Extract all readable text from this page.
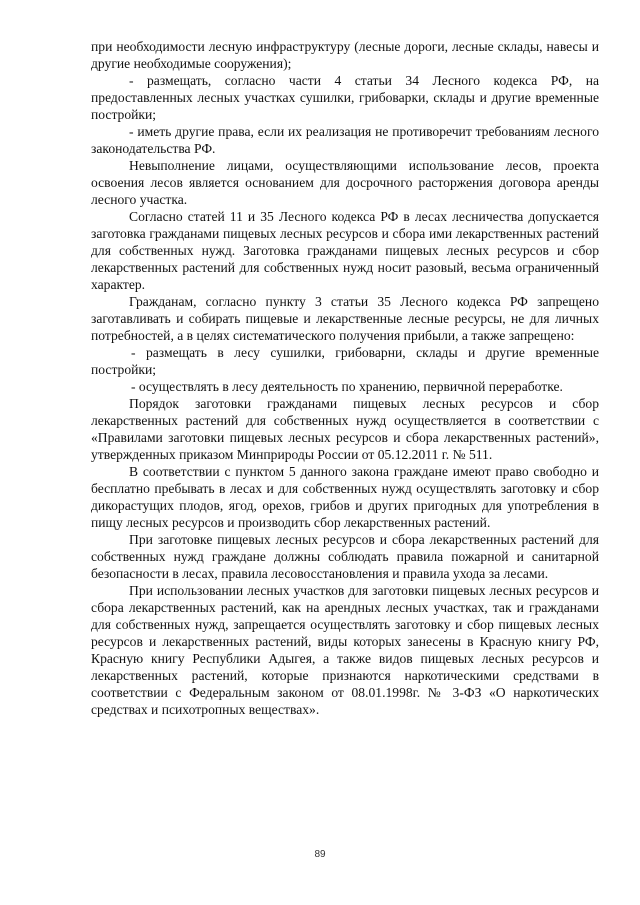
при необходимости лесную инфраструктуру (лесные дороги, лесные склады, навесы и другие необходимые сооружения);

- размещать, согласно части 4 статьи 34 Лесного кодекса РФ, на предоставленных лесных участках сушилки, грибоварки, склады и другие временные постройки;

- иметь другие права, если их реализация не противоречит требованиям лесного законодательства РФ.

Невыполнение лицами, осуществляющими использование лесов, проекта освоения лесов является основанием для досрочного расторжения договора аренды лесного участка.

Согласно статей 11 и 35 Лесного кодекса РФ в лесах лесничества допускается заготовка гражданами пищевых лесных ресурсов и сбора ими лекарственных растений для собственных нужд. Заготовка гражданами пищевых лесных ресурсов и сбор лекарственных растений для собственных нужд носит разовый, весьма ограниченный характер.

Гражданам, согласно пункту 3 статьи 35 Лесного кодекса РФ запрещено заготавливать и собирать пищевые и лекарственные лесные ресурсы, не для личных потребностей, а в целях систематического получения прибыли, а также запрещено:

- размещать в лесу сушилки, грибоварни, склады и другие временные постройки;

- осуществлять в лесу деятельность по хранению, первичной переработке.

Порядок заготовки гражданами пищевых лесных ресурсов и сбор лекарственных растений для собственных нужд осуществляется в соответствии с «Правилами заготовки пищевых лесных ресурсов и сбора лекарственных растений», утвержденных приказом Минприроды России от 05.12.2011 г. № 511.

В соответствии с пунктом 5 данного закона граждане имеют право свободно и бесплатно пребывать в лесах и для собственных нужд осуществлять заготовку и сбор дикорастущих плодов, ягод, орехов, грибов и других пригодных для употребления в пищу лесных ресурсов и производить сбор лекарственных растений.

При заготовке пищевых лесных ресурсов и сбора лекарственных растений для собственных нужд граждане должны соблюдать правила пожарной и санитарной безопасности в лесах, правила лесовосстановления и правила ухода за лесами.

При использовании лесных участков для заготовки пищевых лесных ресурсов и сбора лекарственных растений, как на арендных лесных участках, так и гражданами для собственных нужд, запрещается осуществлять заготовку и сбор пищевых лесных ресурсов и лекарственных растений, виды которых занесены в Красную книгу РФ, Красную книгу Республики Адыгея, а также видов пищевых лесных ресурсов и лекарственных растений, которые признаются наркотическими средствами в соответствии с Федеральным законом от 08.01.1998г. № 3-ФЗ «О наркотических средствах и психотропных веществах».

89
